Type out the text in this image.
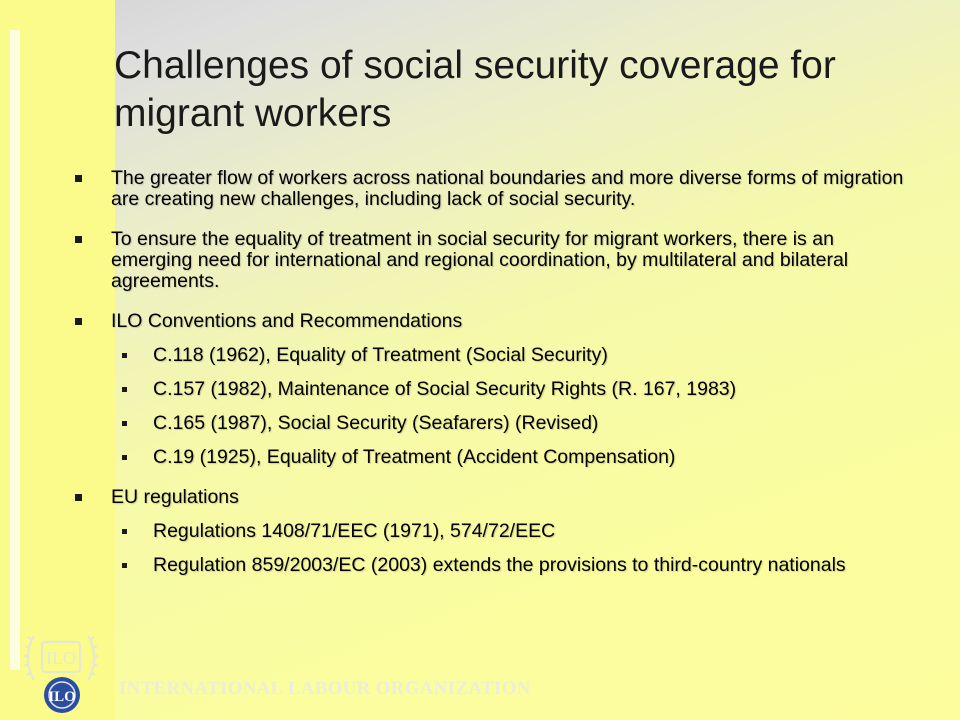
Challenges of social security coverage for migrant workers
The greater flow of workers across national boundaries and more diverse forms of migration are creating new challenges, including lack of social security.
To ensure the equality of treatment in social security for migrant workers, there is an emerging need for international and regional coordination, by multilateral and bilateral agreements.
ILO Conventions and Recommendations
C.118 (1962), Equality of Treatment (Social Security)
C.157 (1982), Maintenance of Social Security Rights (R. 167, 1983)
C.165 (1987), Social Security (Seafarers) (Revised)
C.19 (1925), Equality of Treatment (Accident Compensation)
EU regulations
Regulations 1408/71/EEC (1971), 574/72/EEC
Regulation 859/2003/EC (2003) extends the provisions to third-country nationals
ILO
ILO INTERNATIONAL LABOUR ORGANIZATION
